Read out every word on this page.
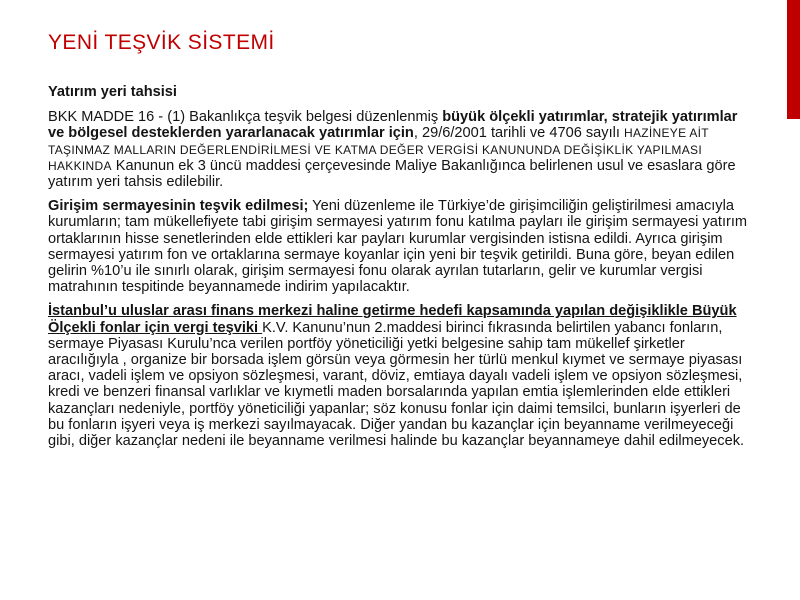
YENİ TEŞVİK SİSTEMİ

Yatırım yeri tahsisi

BKK MADDE 16 - (1) Bakanlıkça teşvik belgesi düzenlenmiş büyük ölçekli yatırımlar, stratejik yatırımlar ve bölgesel desteklerden yararlanacak yatırımlar için, 29/6/2001 tarihli ve 4706 sayılı HAZİNEYE AİT TAŞINMAZ MALLARIN DEĞERLENDİRİLMESİ VE KATMA DEĞER VERGİSİ KANUNUNDA DEĞİŞİKLİK YAPILMASI HAKKINDA Kanunun ek 3 üncü maddesi çerçevesinde Maliye Bakanlığınca belirlenen usul ve esaslara göre yatırım yeri tahsis edilebilir.

Girişim sermayesinin teşvik edilmesi; Yeni düzenleme ile Türkiye’de girişimciliğin geliştirilmesi amacıyla kurumların; tam mükellefiyete tabi girişim sermayesi yatırım fonu katılma payları ile girişim sermayesi yatırım ortaklarının hisse senetlerinden elde ettikleri kar payları kurumlar vergisinden istisna edildi. Ayrıca girişim sermayesi yatırım fon ve ortaklarına sermaye koyanlar için yeni bir teşvik getirildi. Buna göre, beyan edilen gelirin %10’u ile sınırlı olarak, girişim sermayesi fonu olarak ayrılan tutarların, gelir ve kurumlar vergisi matrahının tespitinde beyannamede indirim yapılacaktır.

İstanbul’u uluslar arası finans merkezi haline getirme hedefi kapsamında yapılan değişiklikle Büyük Ölçekli fonlar için vergi teşviki K.V. Kanunu’nun 2.maddesi birinci fıkrasında belirtilen yabancı fonların, sermaye Piyasası Kurulu’nca verilen portföy yöneticiliği yetki belgesine sahip tam mükellef şirketler aracılığıyla , organize bir borsada işlem görsün veya görmesin her türlü menkul kıymet ve sermaye piyasası aracı, vadeli işlem ve opsiyon sözleşmesi, varant, döviz, emtiaya dayalı vadeli işlem ve opsiyon sözleşmesi, kredi ve benzeri finansal varlıklar ve kıymetli maden borsalarında yapılan emtia işlemlerinden elde ettikleri kazançları nedeniyle, portföy yöneticiliği yapanlar; söz konusu fonlar için daimi temsilci, bunların işyerleri de bu fonların işyeri veya iş merkezi sayılmayacak. Diğer yandan bu kazançlar için beyanname verilmeyeceği gibi, diğer kazançlar nedeni ile beyanname verilmesi halinde bu kazançlar beyannameye dahil edilmeyecek.
